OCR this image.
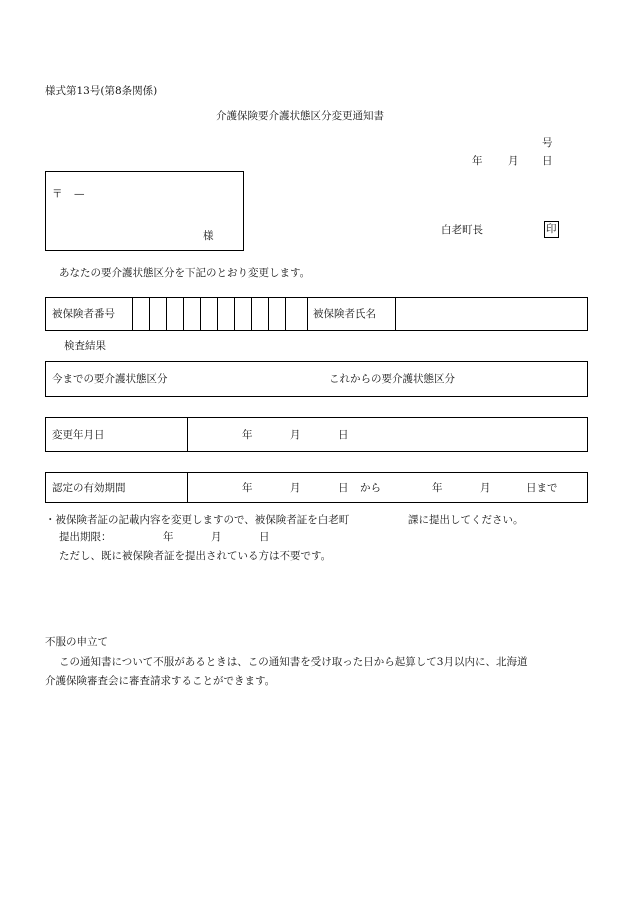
様式第13号(第8条関係)
介護保険要介護状態区分変更通知書
号
年 月 日
〒 —
様	白老町長	印
あなたの要介護状態区分を下記のとおり変更します。
被保険者番号	被保険者氏名
検査結果
今までの要介護状態区分	これからの要介護状態区分
変更年月日	年	月	日
認定の有効期間	年	月	日 から	年	月	日まで
・被保険者証の記載内容を変更しますので、被保険者証を白老町	課に提出してください。
提出期限：	年	月	日
ただし、既に被保険者証を提出されている方は不要です。
不服の申立て
この通知書について不服があるときは、この通知書を受け取った日から起算して3月以内に、北海道
介護保険審査会に審査請求することができます。
